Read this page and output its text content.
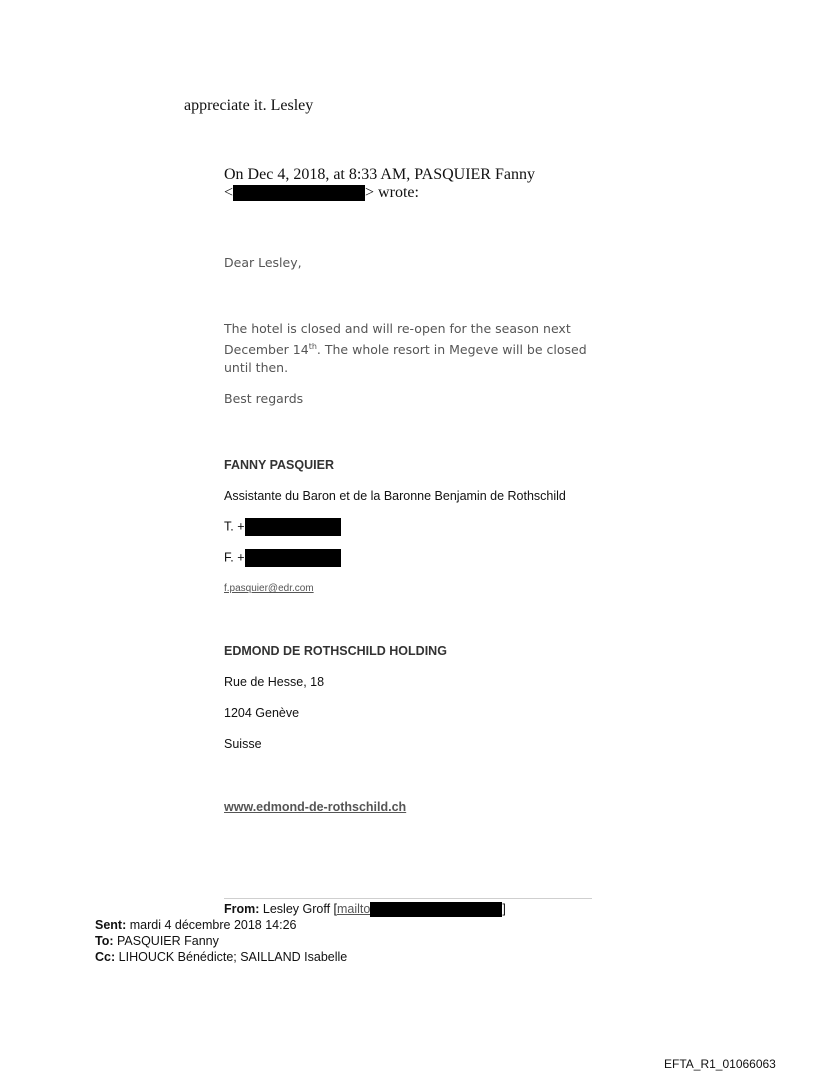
appreciate it. Lesley
On Dec 4, 2018, at 8:33 AM, PASQUIER Fanny
<	> wrote:
Dear Lesley,
The hotel is closed and will re-open for the season next
December 14th. The whole resort in Megeve will be closed
until then.
Best regards
FANNY PASQUIER
Assistante du Baron et de la Baronne Benjamin de Rothschild
T. +
F. +
f.pasquier@edr.com
EDMOND DE ROTHSCHILD HOLDING
Rue de Hesse, 18
1204 Genève
Suisse
www.edmond-de-rothschild.ch
From: Lesley Groff [mailto	]
Sent: mardi 4 décembre 2018 14:26
To: PASQUIER Fanny
Cc: LIHOUCK Bénédicte; SAILLAND Isabelle
EFTA_R1_01066063
